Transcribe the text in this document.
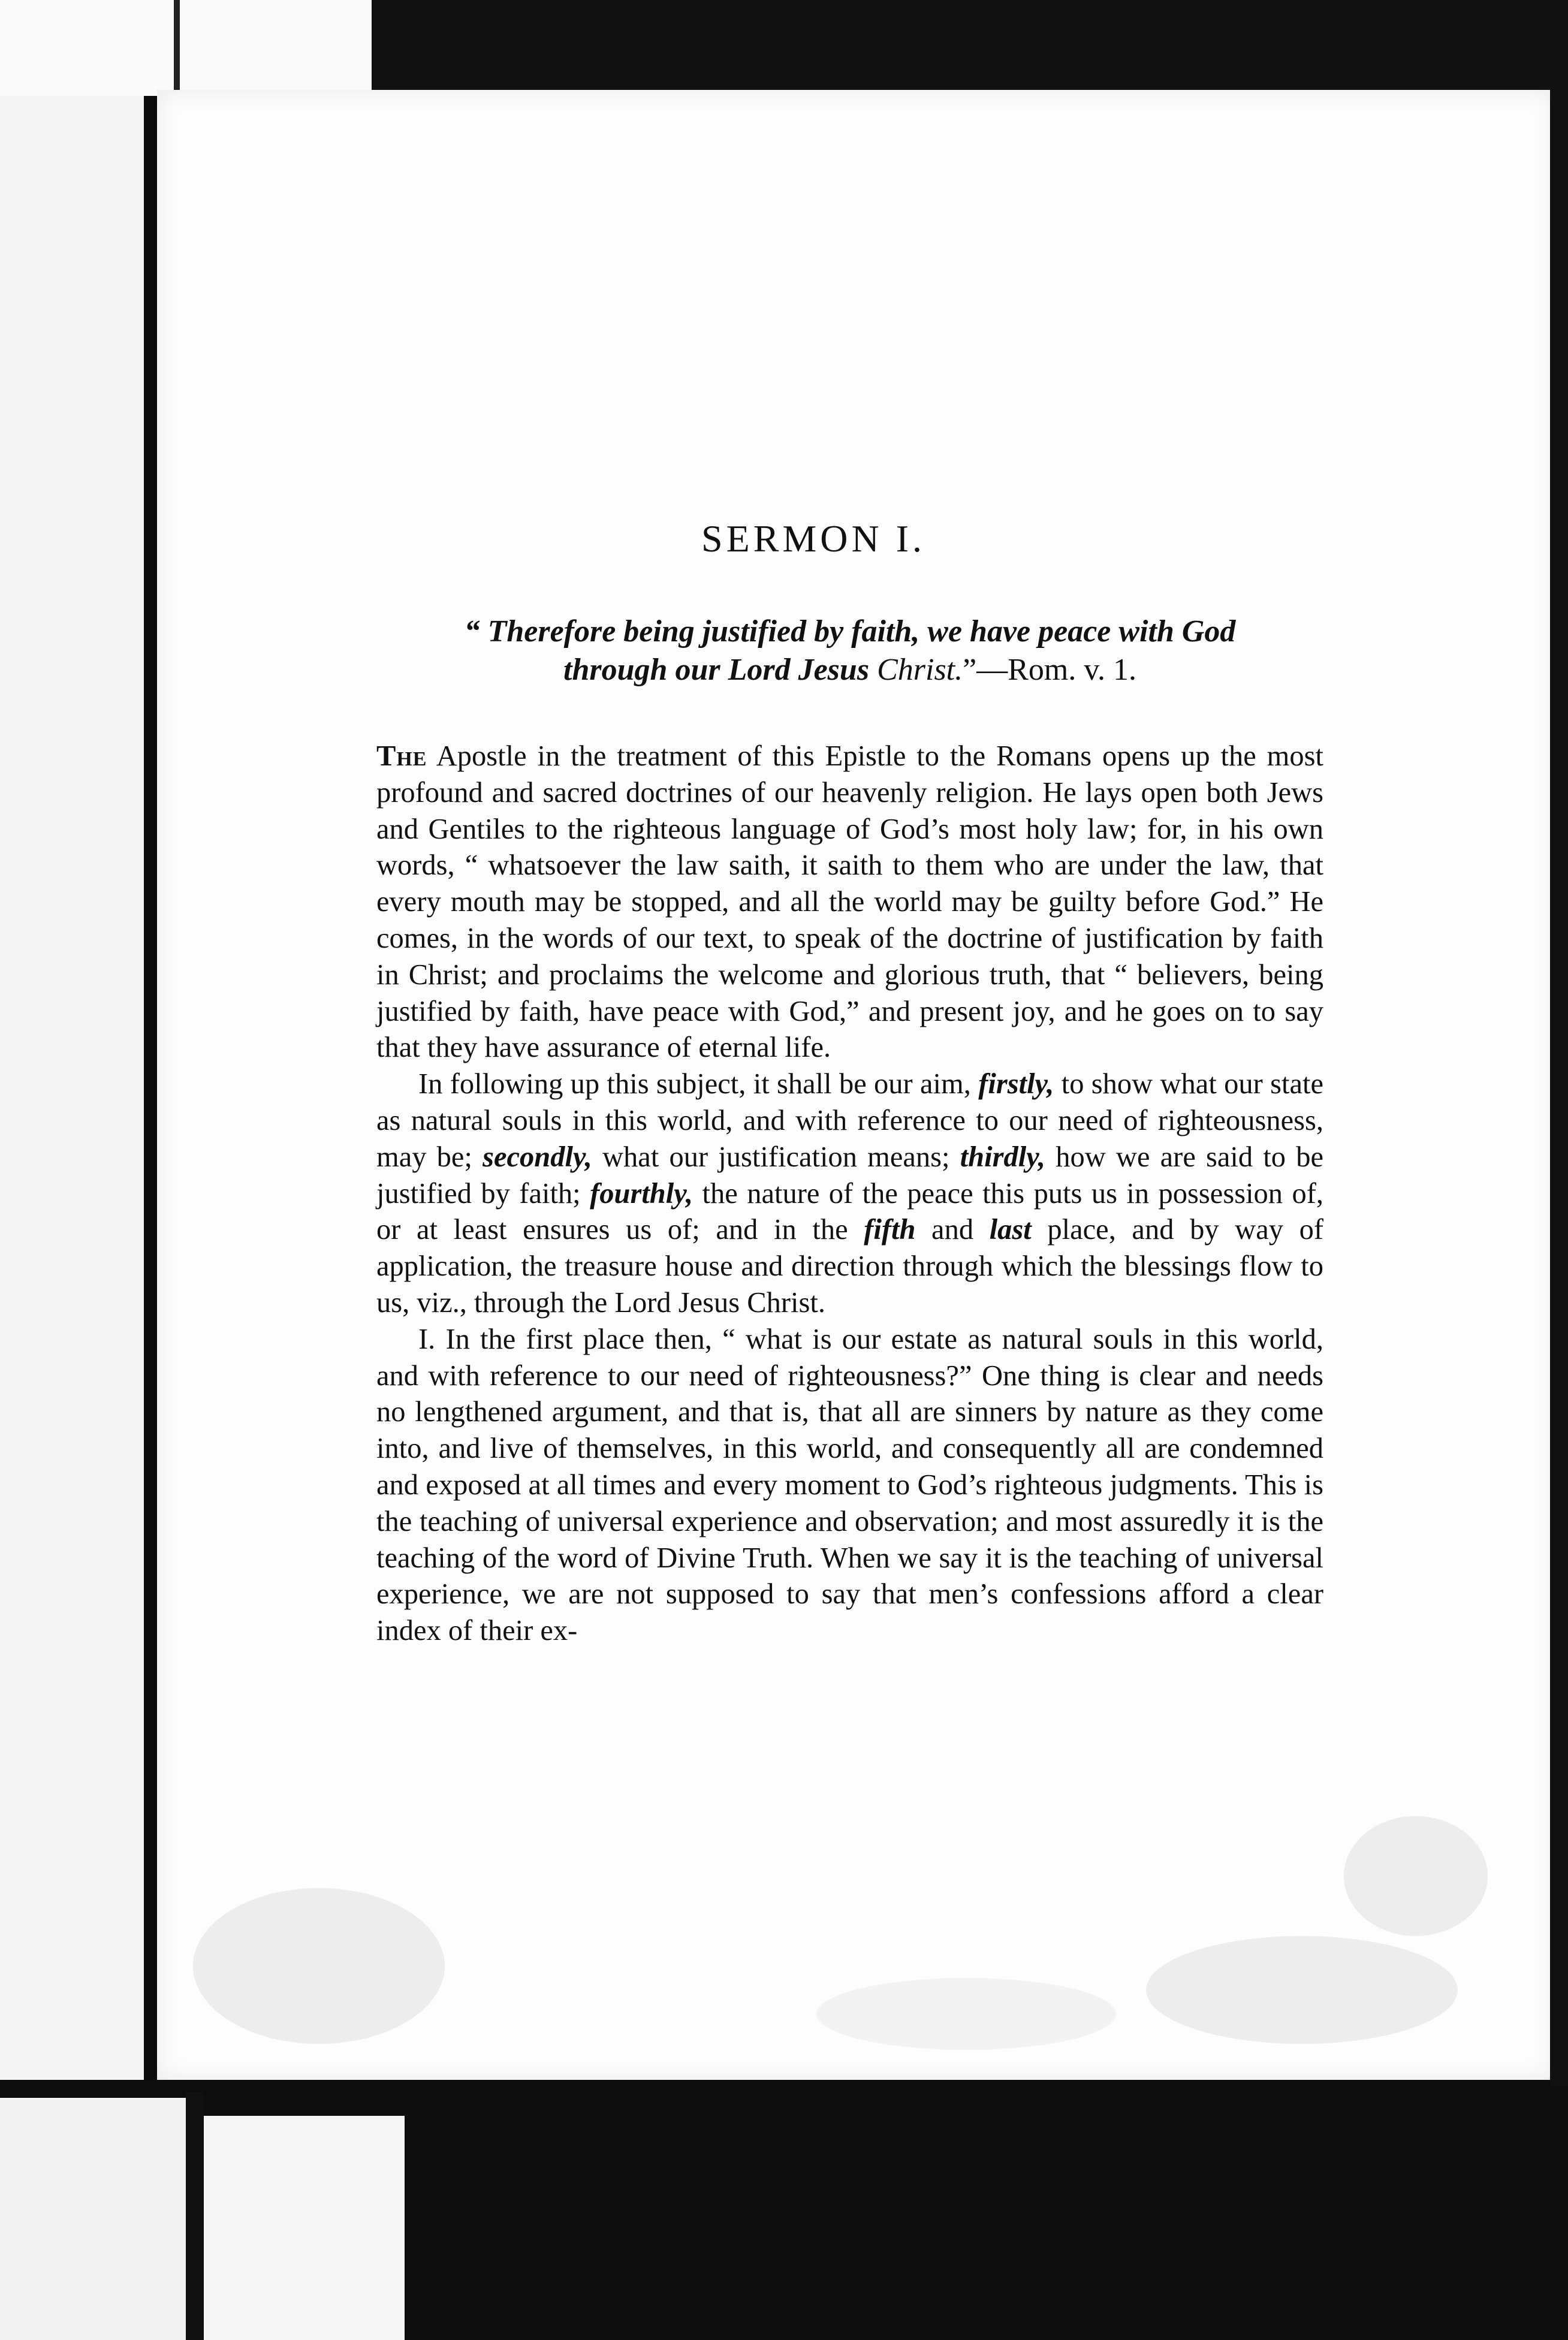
SERMON I.
“ Therefore being justified by faith, we have peace with God
through our Lord Jesus Christ.”—Rom. v. 1.

The Apostle in the treatment of this Epistle to the Romans opens up the most profound and sacred doctrines of our heavenly religion. He lays open both Jews and Gentiles to the righteous language of God’s most holy law; for, in his own words, “ whatsoever the law saith, it saith to them who are under the law, that every mouth may be stopped, and all the world may be guilty before God.” He comes, in the words of our text, to speak of the doctrine of justification by faith in Christ; and proclaims the welcome and glorious truth, that “ believers, being justified by faith, have peace with God,” and present joy, and he goes on to say that they have assurance of eternal life.

In following up this subject, it shall be our aim, firstly, to show what our state as natural souls in this world, and with reference to our need of righteousness, may be; secondly, what our justification means; thirdly, how we are said to be justified by faith; fourthly, the nature of the peace this puts us in possession of, or at least ensures us of; and in the fifth and last place, and by way of application, the treasure house and direction through which the blessings flow to us, viz., through the Lord Jesus Christ.

I. In the first place then, “ what is our estate as natural souls in this world, and with reference to our need of righteousness?” One thing is clear and needs no lengthened argument, and that is, that all are sinners by nature as they come into, and live of themselves, in this world, and consequently all are condemned and exposed at all times and every moment to God’s righteous judgments. This is the teaching of universal experience and observation; and most assuredly it is the teaching of the word of Divine Truth. When we say it is the teaching of universal experience, we are not supposed to say that men’s confessions afford a clear index of their ex-
